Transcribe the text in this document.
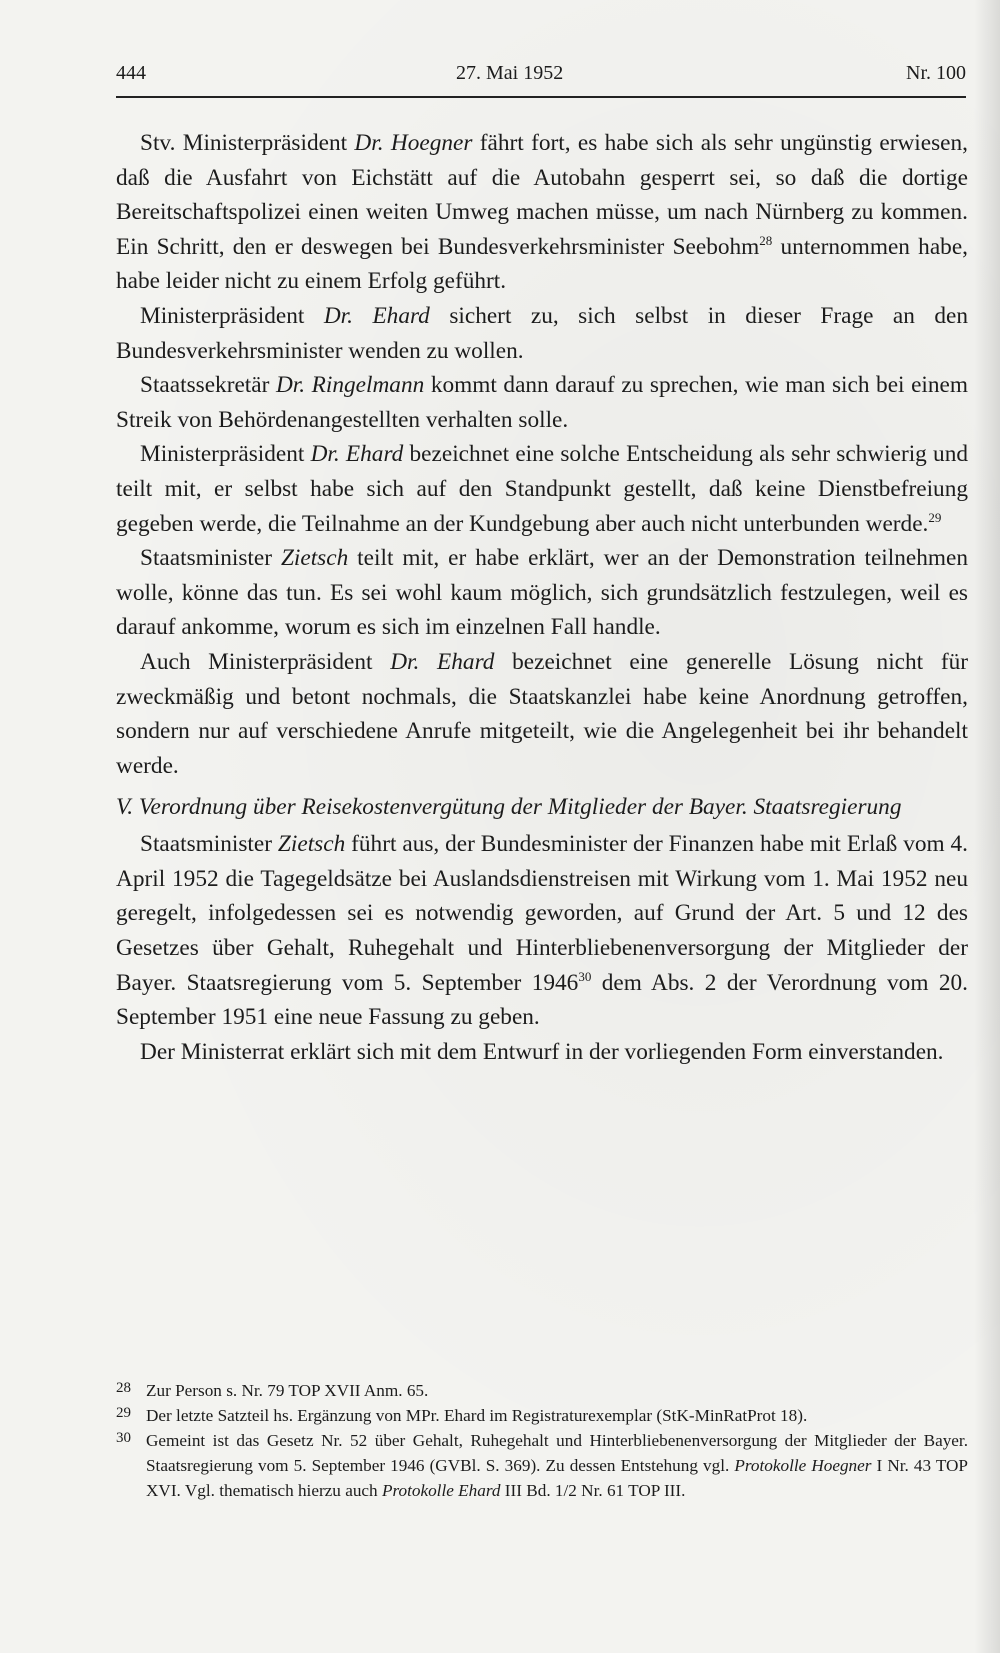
444	27. Mai 1952	Nr. 100

Stv. Ministerpräsident Dr. Hoegner fährt fort, es habe sich als sehr ungünstig erwiesen, daß die Ausfahrt von Eichstätt auf die Autobahn gesperrt sei, so daß die dortige Bereitschaftspolizei einen weiten Umweg machen müsse, um nach Nürnberg zu kommen. Ein Schritt, den er deswegen bei Bundesverkehrsminister Seebohm$^{28}$ unternommen habe, habe leider nicht zu einem Erfolg geführt.

Ministerpräsident Dr. Ehard sichert zu, sich selbst in dieser Frage an den Bundesverkehrsminister wenden zu wollen.

Staatssekretär Dr. Ringelmann kommt dann darauf zu sprechen, wie man sich bei einem Streik von Behördenangestellten verhalten solle.

Ministerpräsident Dr. Ehard bezeichnet eine solche Entscheidung als sehr schwierig und teilt mit, er selbst habe sich auf den Standpunkt gestellt, daß keine Dienstbefreiung gegeben werde, die Teilnahme an der Kundgebung aber auch nicht unterbunden werde.$^{29}$

Staatsminister Zietsch teilt mit, er habe erklärt, wer an der Demonstration teilnehmen wolle, könne das tun. Es sei wohl kaum möglich, sich grundsätzlich festzulegen, weil es darauf ankomme, worum es sich im einzelnen Fall handle.

Auch Ministerpräsident Dr. Ehard bezeichnet eine generelle Lösung nicht für zweckmäßig und betont nochmals, die Staatskanzlei habe keine Anordnung getroffen, sondern nur auf verschiedene Anrufe mitgeteilt, wie die Angelegenheit bei ihr behandelt werde.

V. Verordnung über Reisekostenvergütung der Mitglieder der Bayer. Staatsregierung

Staatsminister Zietsch führt aus, der Bundesminister der Finanzen habe mit Erlaß vom 4. April 1952 die Tagegeldsätze bei Auslandsdienstreisen mit Wirkung vom 1. Mai 1952 neu geregelt, infolgedessen sei es notwendig geworden, auf Grund der Art. 5 und 12 des Gesetzes über Gehalt, Ruhegehalt und Hinterbliebenenversorgung der Mitglieder der Bayer. Staatsregierung vom 5. September 1946$^{30}$ dem Abs. 2 der Verordnung vom 20. September 1951 eine neue Fassung zu geben.

Der Ministerrat erklärt sich mit dem Entwurf in der vorliegenden Form einverstanden.

28 Zur Person s. Nr. 79 TOP XVII Anm. 65.
29 Der letzte Satzteil hs. Ergänzung von MPr. Ehard im Registraturexemplar (StK-MinRatProt 18).
30 Gemeint ist das Gesetz Nr. 52 über Gehalt, Ruhegehalt und Hinterbliebenenversorgung der Mitglieder der Bayer. Staatsregierung vom 5. September 1946 (GVBl. S. 369). Zu dessen Entstehung vgl. Protokolle Hoegner I Nr. 43 TOP XVI. Vgl. thematisch hierzu auch Protokolle Ehard III Bd. 1/2 Nr. 61 TOP III.
